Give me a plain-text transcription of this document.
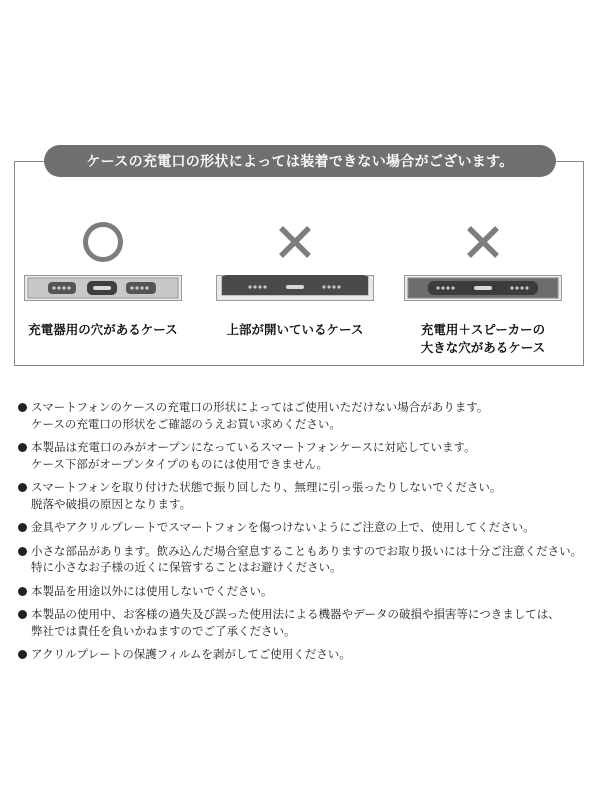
ケースの充電口の形状によっては装着できない場合がございます。
充電器用の穴があるケース	上部が開いているケース	充電用＋スピーカーの
大きな穴があるケース
スマートフォンのケースの充電口の形状によってはご使用いただけない場合があります。
ケースの充電口の形状をご確認のうえお買い求めください。
本製品は充電口のみがオープンになっているスマートフォンケースに対応しています。
ケース下部がオープンタイプのものには使用できません。
スマートフォンを取り付けた状態で振り回したり、無理に引っ張ったりしないでください。
脱落や破損の原因となります。
金具やアクリルプレートでスマートフォンを傷つけないようにご注意の上で、使用してください。
小さな部品があります。飲み込んだ場合窒息することもありますのでお取り扱いには十分ご注意ください。
特に小さなお子様の近くに保管することはお避けください。
本製品を用途以外には使用しないでください。
本製品の使用中、お客様の過失及び誤った使用法による機器やデータの破損や損害等につきましては、
弊社では責任を負いかねますのでご了承ください。
アクリルプレートの保護フィルムを剥がしてご使用ください。
